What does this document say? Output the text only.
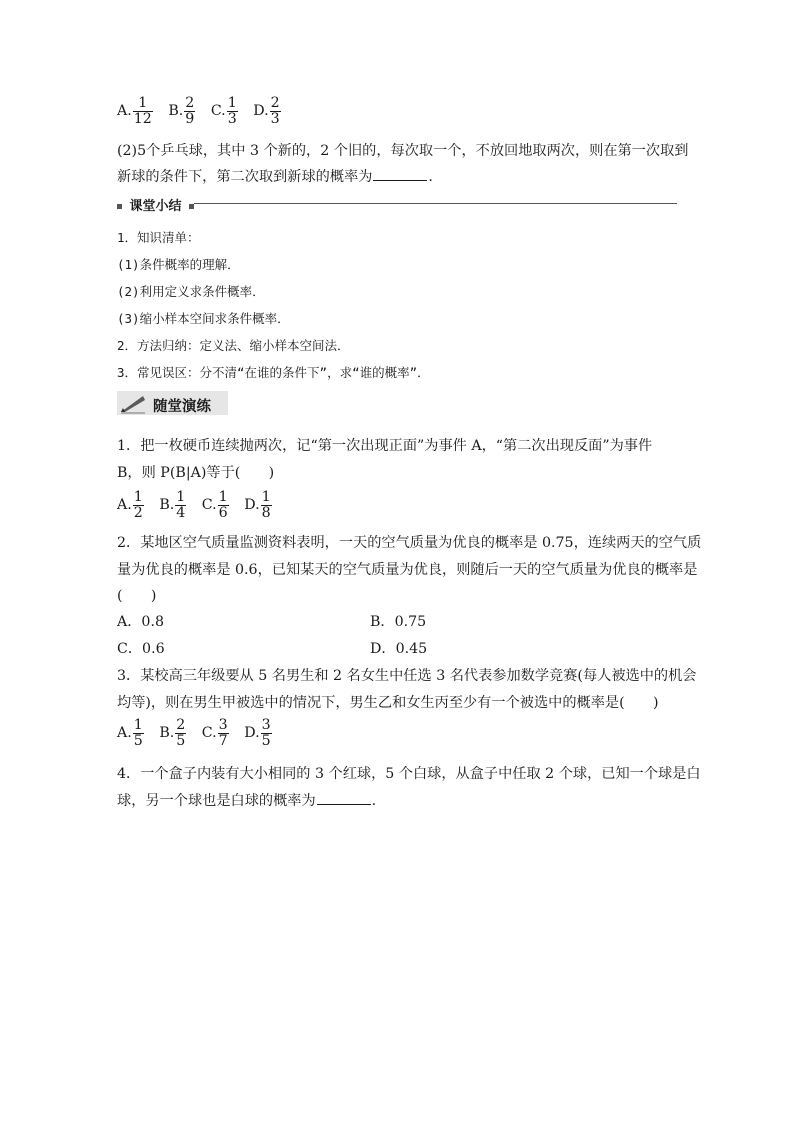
A. $\frac{1}{12} B$. $\frac{2}{9} C$. $\frac{1}{3} D$. $\frac{2}{3}$
(2)5个乒乓球，其中 3 个新的，2 个旧的，每次取一个，不放回地取两次，则在第一次取到
新球的条件下，第二次取到新球的概率为	.
课堂小结
1．知识清单：
(1)条件概率的理解．
(2)利用定义求条件概率．
(3)缩小样本空间求条件概率．
2．方法归纳：定义法、缩小样本空间法．
3．常见误区：分不清“在谁的条件下”，求“谁的概率”．
随堂演练
1．把一枚硬币连续抛两次，记“第一次出现正面”为事件 A，“第二次出现反面”为事件
B，则 P(B|A)等于(　　)
A. $\frac{1}{2} B$. $\frac{1}{4} C$. $\frac{1}{6} D$. $\frac{1}{8}$
2．某地区空气质量监测资料表明，一天的空气质量为优良的概率是 0.75，连续两天的空气质
量为优良的概率是 0.6，已知某天的空气质量为优良，则随后一天的空气质量为优良的概率是
(　　)
A．0.8	B．0.75
C．0.6	D．0.45
3．某校高三年级要从 5 名男生和 2 名女生中任选 3 名代表参加数学竞赛(每人被选中的机会
均等)，则在男生甲被选中的情况下，男生乙和女生丙至少有一个被选中的概率是(　　)
A. $\frac{1}{5} B$. $\frac{2}{5} C$. $\frac{3}{7} D$. $\frac{3}{5}$
4．一个盒子内装有大小相同的 3 个红球，5 个白球，从盒子中任取 2 个球，已知一个球是白
球，另一个球也是白球的概率为	.
